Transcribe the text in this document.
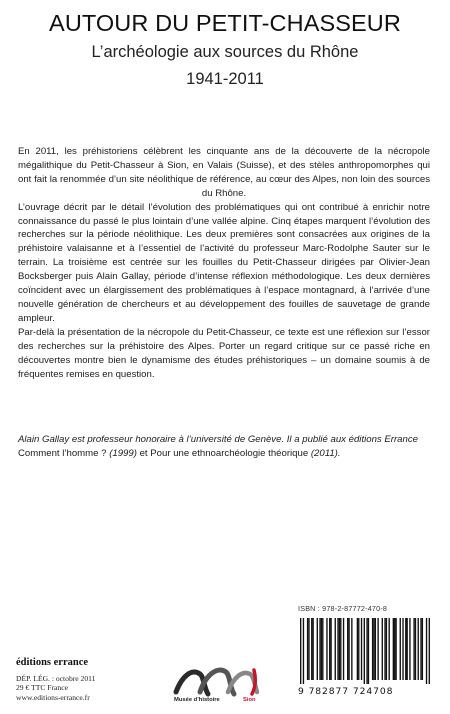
AUTOUR DU PETIT-CHASSEUR
L’archéologie aux sources du Rhône
1941-2011

En 2011, les préhistoriens célèbrent les cinquante ans de la découverte de la nécropole mégalithique du Petit-Chasseur à Sion, en Valais (Suisse), et des stèles anthropomorphes qui ont fait la renommée d’un site néolithique de référence, au cœur des Alpes, non loin des sources du Rhône.

L’ouvrage décrit par le détail l’évolution des problématiques qui ont contribué à enrichir notre connaissance du passé le plus lointain d’une vallée alpine. Cinq étapes marquent l’évolution des recherches sur la période néolithique. Les deux premières sont consacrées aux origines de la préhistoire valaisanne et à l’essentiel de l’activité du professeur Marc-Rodolphe Sauter sur le terrain. La troisième est centrée sur les fouilles du Petit-Chasseur dirigées par Olivier-Jean Bocksberger puis Alain Gallay, période d’intense réflexion méthodologique. Les deux dernières coïncident avec un élargissement des problématiques à l’espace montagnard, à l’arrivée d’une nouvelle génération de chercheurs et au développement des fouilles de sauvetage de grande ampleur.

Par-delà la présentation de la nécropole du Petit-Chasseur, ce texte est une réflexion sur l’essor des recherches sur la préhistoire des Alpes. Porter un regard critique sur ce passé riche en découvertes montre bien le dynamisme des études préhistoriques – un domaine soumis à de fréquentes remises en question.

Alain Gallay est professeur honoraire à l’université de Genève. Il a publié aux éditions Errance Comment l’homme ? (1999) et Pour une ethnoarchéologie théorique (2011).
éditions errance
DÉP. LÉG. : octobre 2011
29 € TTC France
www.editions-errance.fr	Musée d’histoire	Sion
ISBN : 978-2-87772-470-8
9 782877 724708
